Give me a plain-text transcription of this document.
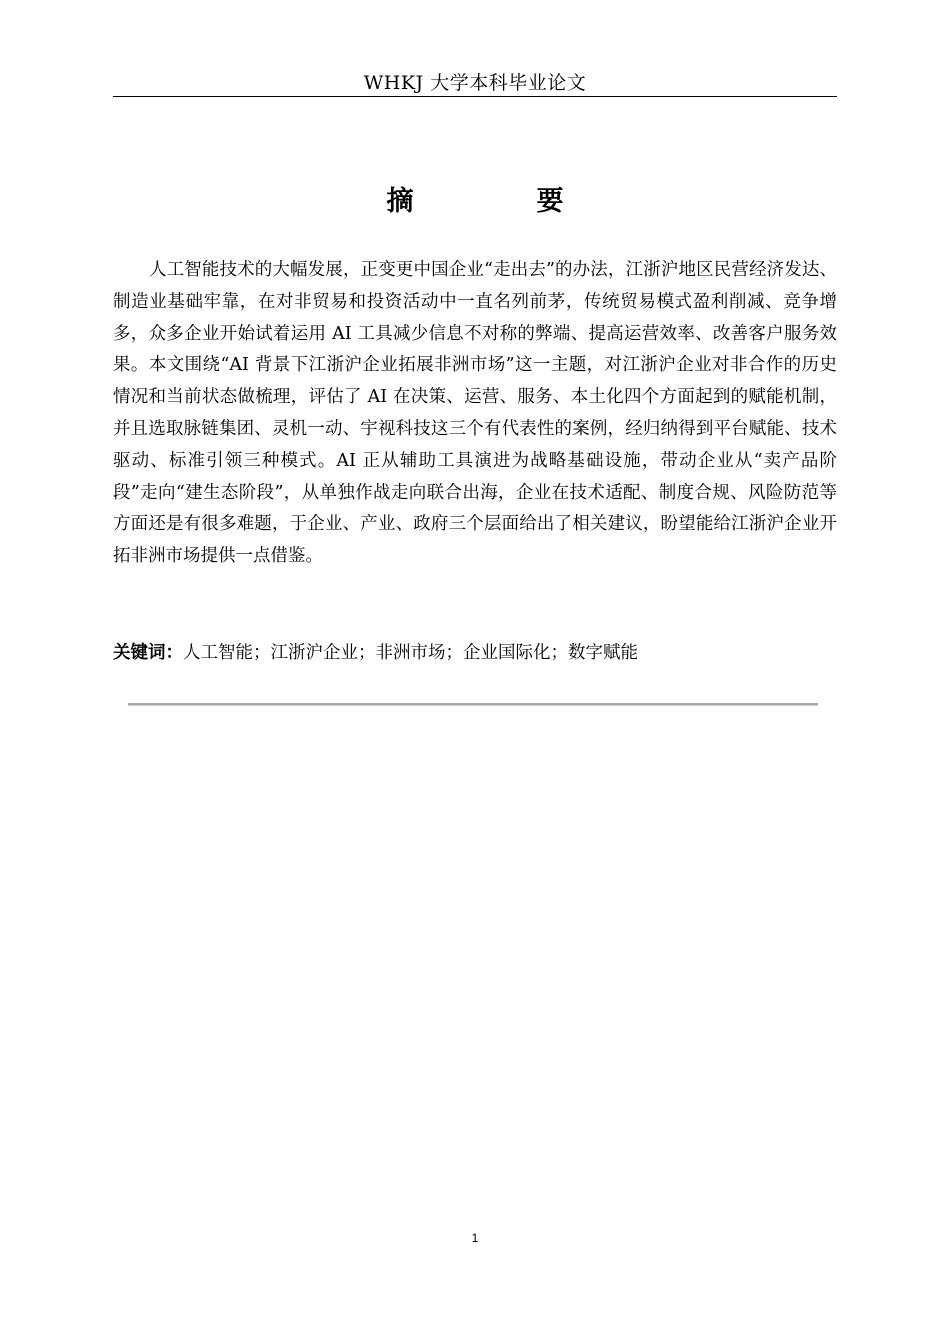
WHKJ 大学本科毕业论文
摘　要

人工智能技术的大幅发展，正变更中国企业“走出去”的办法，江浙沪地区民营经济发达、制造业基础牢靠，在对非贸易和投资活动中一直名列前茅，传统贸易模式盈利削减、竞争增多，众多企业开始试着运用 AI 工具减少信息不对称的弊端、提高运营效率、改善客户服务效果。本文围绕“AI 背景下江浙沪企业拓展非洲市场”这一主题，对江浙沪企业对非合作的历史情况和当前状态做梳理，评估了 AI 在决策、运营、服务、本土化四个方面起到的赋能机制，并且选取脉链集团、灵机一动、宇视科技这三个有代表性的案例，经归纳得到平台赋能、技术驱动、标准引领三种模式。AI 正从辅助工具演进为战略基础设施，带动企业从“卖产品阶段”走向“建生态阶段”，从单独作战走向联合出海，企业在技术适配、制度合规、风险防范等方面还是有很多难题，于企业、产业、政府三个层面给出了相关建议，盼望能给江浙沪企业开拓非洲市场提供一点借鉴。

关键词：人工智能 ； 江浙沪企业 ； 非洲市场 ； 企业国际化 ； 数字赋能

1
